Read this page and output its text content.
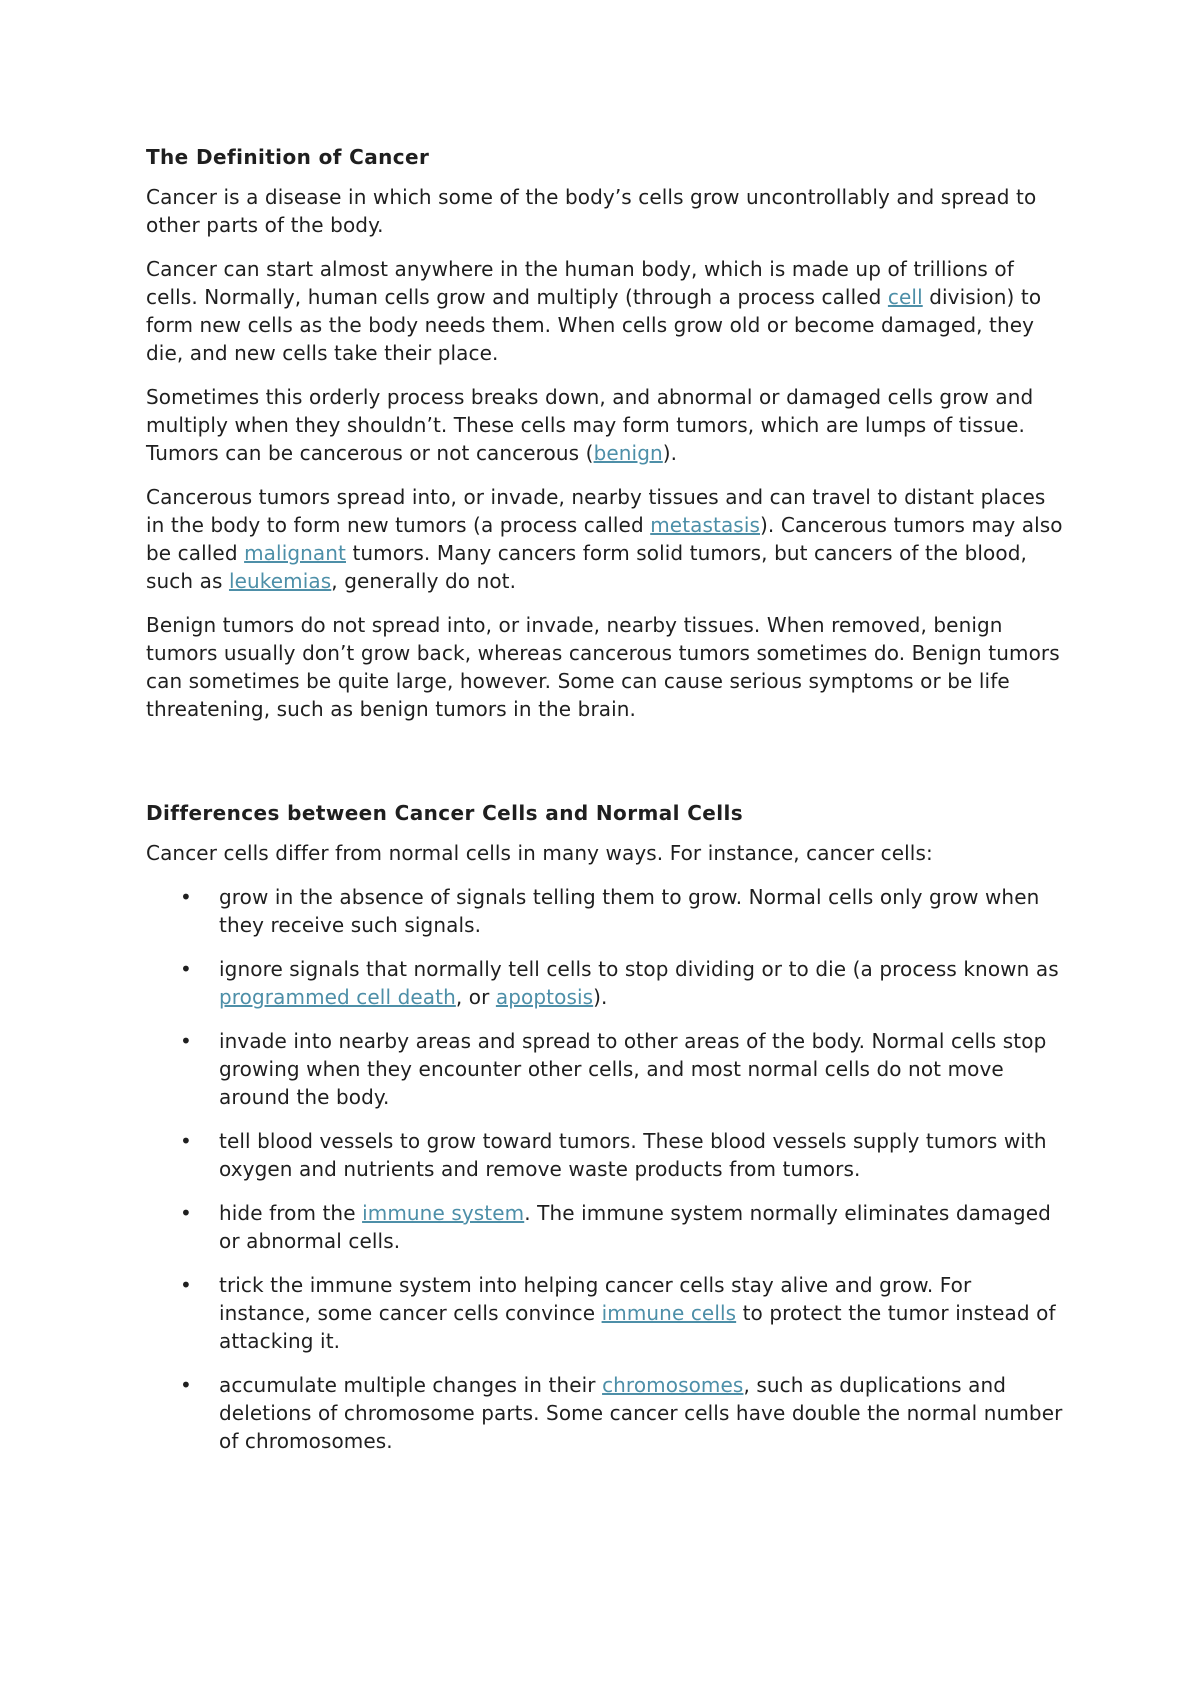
The Definition of Cancer

Cancer is a disease in which some of the body’s cells grow uncontrollably and spread to other parts of the body.

Cancer can start almost anywhere in the human body, which is made up of trillions of cells. Normally, human cells grow and multiply (through a process called cell division) to form new cells as the body needs them. When cells grow old or become damaged, they die, and new cells take their place.

Sometimes this orderly process breaks down, and abnormal or damaged cells grow and multiply when they shouldn’t. These cells may form tumors, which are lumps of tissue. Tumors can be cancerous or not cancerous (benign).

Cancerous tumors spread into, or invade, nearby tissues and can travel to distant places in the body to form new tumors (a process called metastasis). Cancerous tumors may also be called malignant tumors. Many cancers form solid tumors, but cancers of the blood, such as leukemias, generally do not.

Benign tumors do not spread into, or invade, nearby tissues. When removed, benign tumors usually don’t grow back, whereas cancerous tumors sometimes do. Benign tumors can sometimes be quite large, however. Some can cause serious symptoms or be life threatening, such as benign tumors in the brain.

Differences between Cancer Cells and Normal Cells

Cancer cells differ from normal cells in many ways. For instance, cancer cells:

• grow in the absence of signals telling them to grow. Normal cells only grow when they receive such signals.
• ignore signals that normally tell cells to stop dividing or to die (a process known as programmed cell death, or apoptosis).
• invade into nearby areas and spread to other areas of the body. Normal cells stop growing when they encounter other cells, and most normal cells do not move around the body.
• tell blood vessels to grow toward tumors. These blood vessels supply tumors with oxygen and nutrients and remove waste products from tumors.
• hide from the immune system. The immune system normally eliminates damaged or abnormal cells.
• trick the immune system into helping cancer cells stay alive and grow. For instance, some cancer cells convince immune cells to protect the tumor instead of attacking it.
• accumulate multiple changes in their chromosomes, such as duplications and deletions of chromosome parts. Some cancer cells have double the normal number of chromosomes.
